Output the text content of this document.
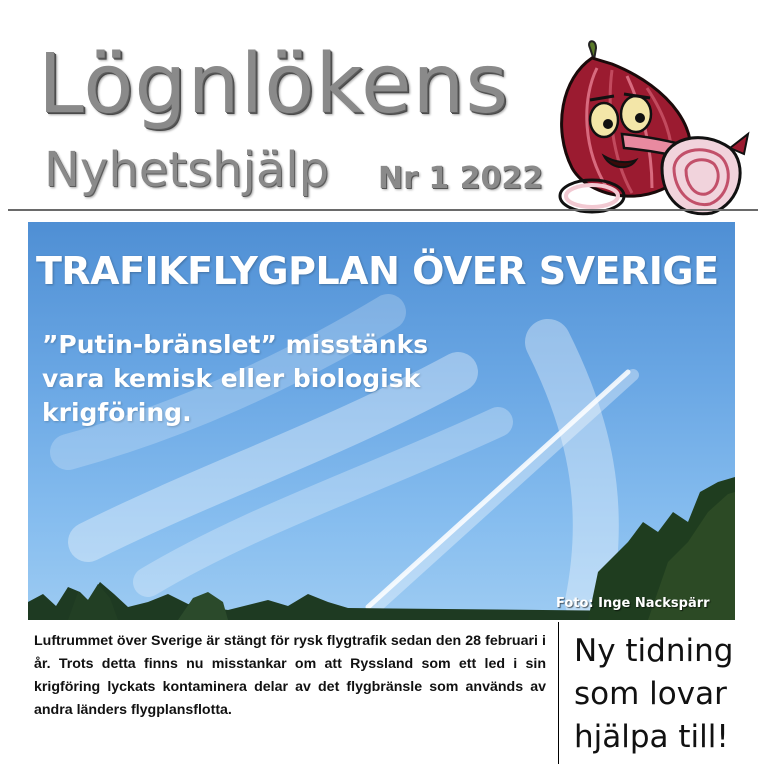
Lögnlökens
Nyhetshjälp Nr 1 2022
TRAFIKFLYGPLAN ÖVER SVERIGE
”Putin-bränslet” misstänks vara kemisk eller biologisk krigföring.
Foto: Inge Nackspärr
Luftrummet över Sverige är stängt för rysk flygtrafik sedan den 28 februari i år. Trots detta finns nu misstankar om att Ryssland som ett led i sin krigföring lyckats kontaminera delar av det flygbränsle som används av andra länders flygplansflotta.
Ny tidning som lovar hjälpa till!
